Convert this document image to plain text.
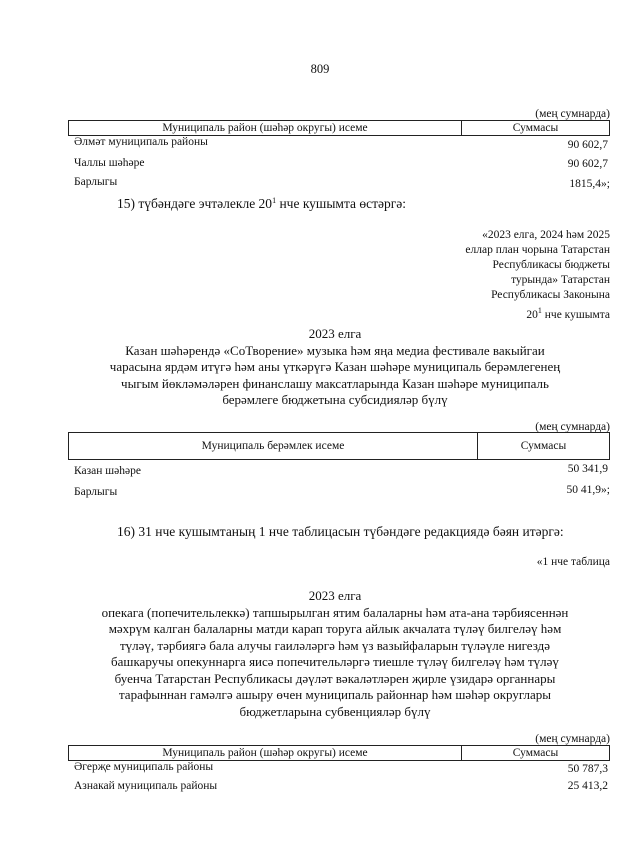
809
(мең сумнарда)
Муниципаль район (шәһәр округы) исеме	Суммасы
Әлмәт муниципаль районы	90 602,7
Чаллы шәһәре	90 602,7
Барлыгы	1815,4»;
15) түбәндәге эчтәлекле $20^1$ нче кушымта өстәргә:
«2023 елга, 2024 һәм 2025
еллар план чорына Татарстан
Республикасы бюджеты
турында» Татарстан
Республикасы Законына
$20^1$ нче кушымта
2023 елга
Казан шәһәрендә «СоТворение» музыка һәм яңа медиа фестивале вакыйгаи
чарасына ярдәм итүгә һәм аны үткәрүгә Казан шәһәре муниципаль берәмлегенең
чыгым йөкләмәләрен финанслашу максатларында Казан шәһәре муниципаль
берәмлеге бюджетына субсидияләр бүлү
(мең сумнарда)
Муниципаль берәмлек исеме	Суммасы
Казан шәһәре	50 341,9
Барлыгы	50 41,9»;
16) 31 нче кушымтаның 1 нче таблицасын түбәндәге редакциядә бәян итәргә:
«1 нче таблица
2023 елга
опекага (попечительлеккә) тапшырылган ятим балаларны һәм ата-ана тәрбиясеннән
мәхрүм калган балаларны матди карап торуга айлык акчалата түләү билгеләү һәм
түләү, тәрбиягә бала алучы гаиләләргә һәм үз вазыйфаларын түләүле нигездә
башкаручы опекуннарга яисә попечительләргә тиешле түләү билгеләү һәм түләү
буенча Татарстан Республикасы дәүләт вәкаләтләрен җирле үзидарә органнары
тарафыннан гамәлгә ашыру өчен муниципаль районнар һәм шәһәр округлары
бюджетларына субвенцияләр бүлү
(мең сумнарда)
Муниципаль район (шәһәр округы) исеме	Суммасы
Әгерҗе муниципаль районы	50 787,3
Азнакай муниципаль районы	25 413,2
